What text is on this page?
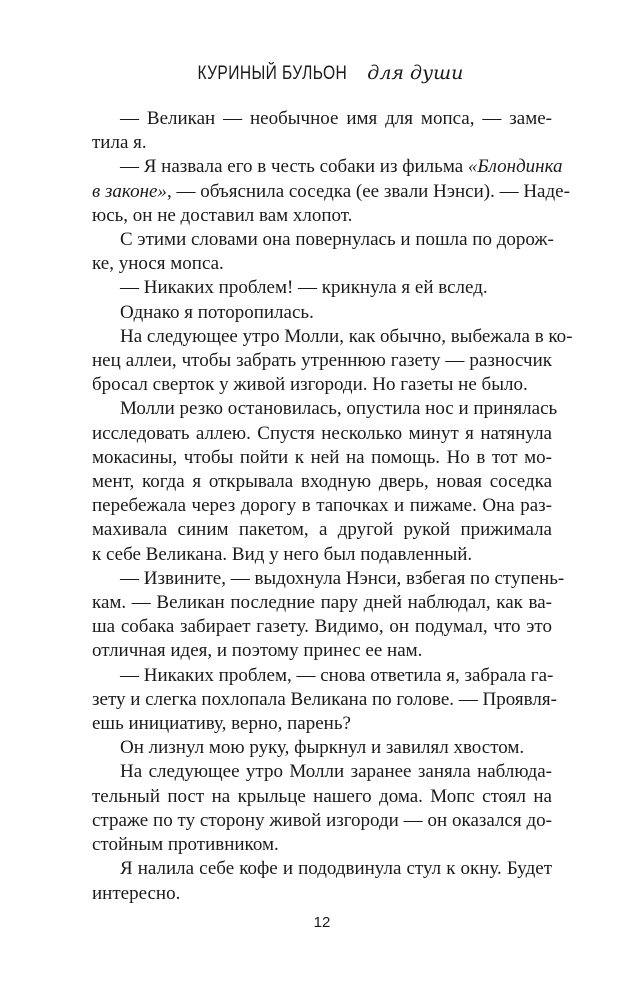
КУРИНЫЙ БУЛЬОН для души
— Великан — необычное имя для мопса, — заме-
тила я.
— Я назвала его в честь собаки из фильма «Блондинка
в законе», — объяснила соседка (ее звали Нэнси). — Наде-
юсь, он не доставил вам хлопот.
С этими словами она повернулась и пошла по дорож-
ке, унося мопса.
— Никаких проблем! — крикнула я ей вслед.
Однако я поторопилась.
На следующее утро Молли, как обычно, выбежала в ко-
нец аллеи, чтобы забрать утреннюю газету — разносчик
бросал сверток у живой изгороди. Но газеты не было.
Молли резко остановилась, опустила нос и принялась
исследовать аллею. Спустя несколько минут я натянула
мокасины, чтобы пойти к ней на помощь. Но в тот мо-
мент, когда я открывала входную дверь, новая соседка
перебежала через дорогу в тапочках и пижаме. Она раз-
махивала синим пакетом, а другой рукой прижимала
к себе Великана. Вид у него был подавленный.
— Извините, — выдохнула Нэнси, взбегая по ступень-
кам. — Великан последние пару дней наблюдал, как ва-
ша собака забирает газету. Видимо, он подумал, что это
отличная идея, и поэтому принес ее нам.
— Никаких проблем, — снова ответила я, забрала га-
зету и слегка похлопала Великана по голове. — Проявля-
ешь инициативу, верно, парень?
Он лизнул мою руку, фыркнул и завилял хвостом.
На следующее утро Молли заранее заняла наблюда-
тельный пост на крыльце нашего дома. Мопс стоял на
страже по ту сторону живой изгороди — он оказался до-
стойным противником.
Я налила себе кофе и пододвинула стул к окну. Будет
интересно.
12
